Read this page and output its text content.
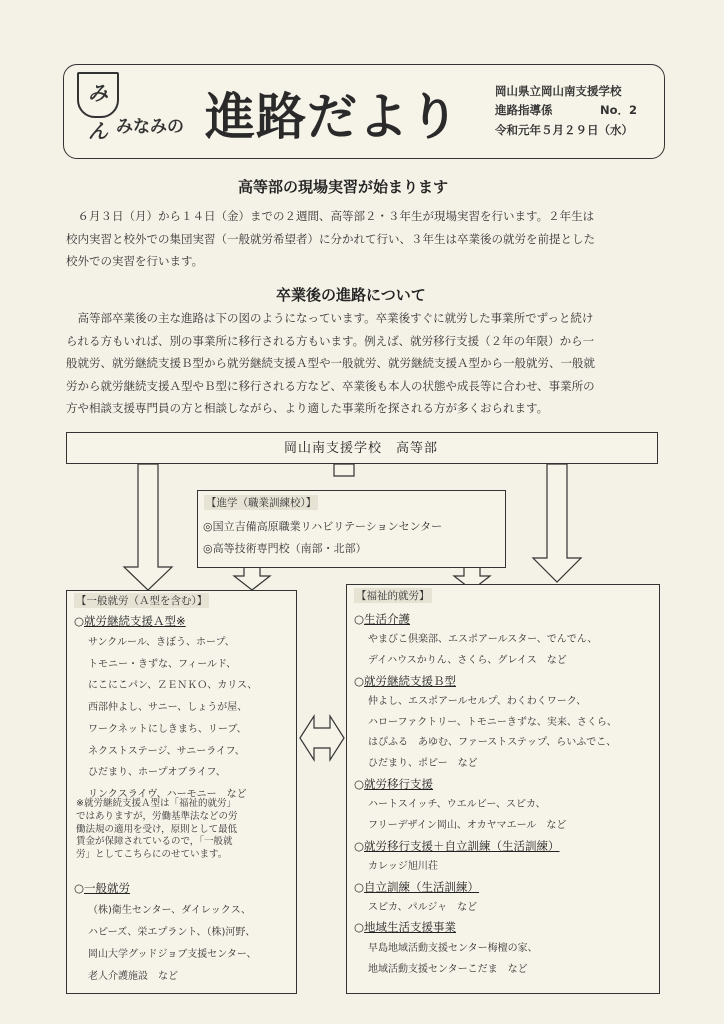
みん みなみの 進路だより	岡山県立岡山南支援学校
進路指導係	No．2
令和元年５月２９日（水）
高等部の現場実習が始まります
　６月３日（月）から１４日（金）までの２週間、高等部２・３年生が現場実習を行います。２年生は
校内実習と校外での集団実習（一般就労希望者）に分かれて行い、３年生は卒業後の就労を前提とした
校外での実習を行います。
卒業後の進路について
　高等部卒業後の主な進路は下の図のようになっています。卒業後すぐに就労した事業所でずっと続け
られる方もいれば、別の事業所に移行される方もいます。例えば、就労移行支援（２年の年限）から一
般就労、就労継続支援Ｂ型から就労継続支援Ａ型や一般就労、就労継続支援Ａ型から一般就労、一般就
労から就労継続支援Ａ型やＢ型に移行される方など、卒業後も本人の状態や成長等に合わせ、事業所の
方や相談支援専門員の方と相談しながら、より適した事業所を探される方が多くおられます。
岡山南支援学校　高等部
【進学（職業訓練校）】
◎国立吉備高原職業リハビリテーションセンター
◎高等技術専門校（南部・北部）
【一般就労（Ａ型を含む）】
○就労継続支援Ａ型※
サンクルール、きぼう、ホープ、
トモニー・きずな、フィールド、
にこにこパン、ＺＥＮＫＯ、カリス、
西部仲よし、サニー、しょうが屋、
ワークネットにしきまち、リーブ、
ネクストステージ、サニーライフ、
ひだまり、ホープオブライフ、
リンクスライヴ、ハーモニー　など
※就労継続支援Ａ型は「福祉的就労」
ではありますが，労働基準法などの労
働法規の適用を受け，原則として最低
賃金が保障されているので，「一般就
労」としてこちらにのせています。
○一般就労
（株)衛生センター、ダイレックス、
ハピーズ、栄エプラント、（株)河野、
岡山大学グッドジョブ支援センター、
老人介護施設　など
【福祉的就労】
○生活介護
やまびこ倶楽部、エスポアールスター、でんでん、
デイハウスかりん、さくら、グレイス　など
○就労継続支援Ｂ型
仲よし、エスポアールセルプ、わくわくワーク、
ハローファクトリー、トモニーきずな、実来、さくら、
はぴふる　あゆむ、ファーストステップ、らいふでこ、
ひだまり、ポピー　など
○就労移行支援
ハートスイッチ、ウエルビー、スピカ、
フリーデザイン岡山、オカヤマエール　など
○就労移行支援＋自立訓練（生活訓練）
カレッジ旭川荘
○自立訓練（生活訓練）
スピカ、パルジャ　など
○地域生活支援事業
早島地域活動支援センター梅檀の家、
地域活動支援センターこだま　など
